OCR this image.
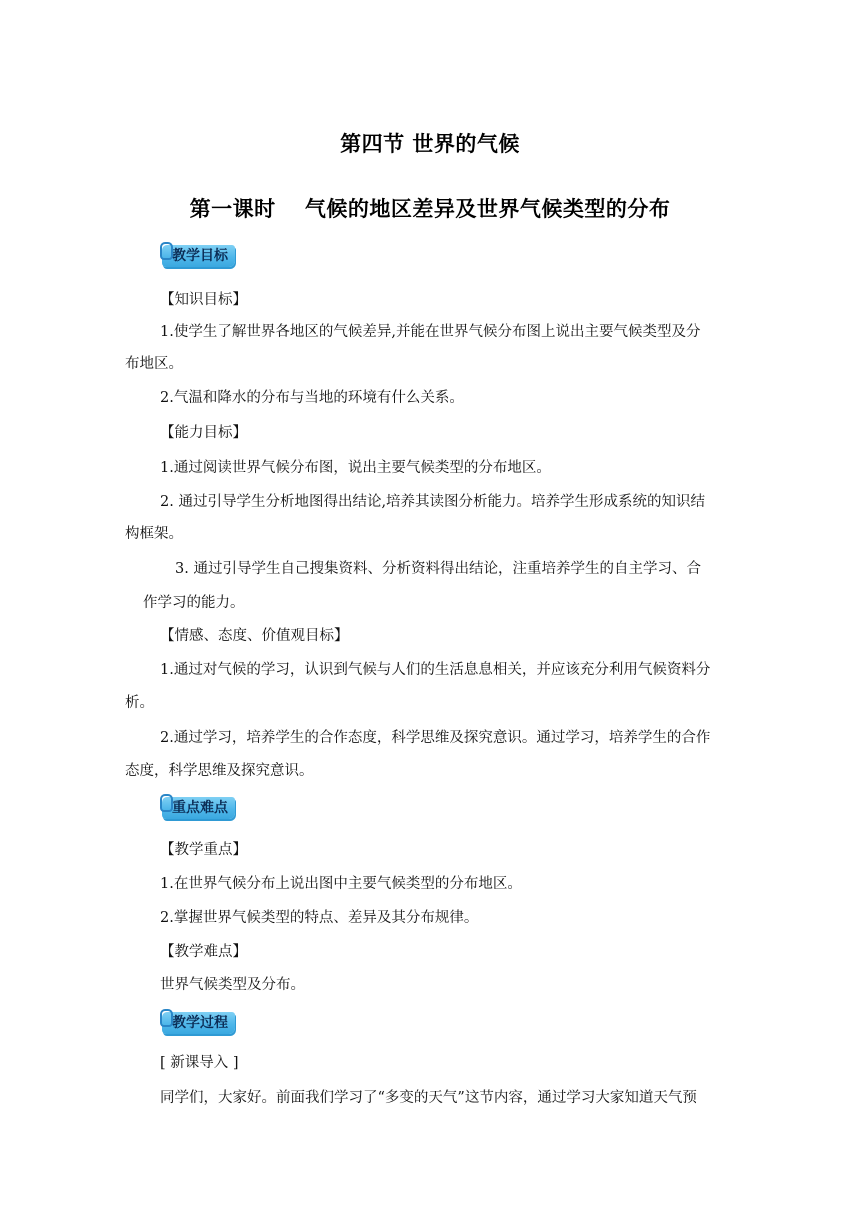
第四节 世界的气候
第一课时　 气候的地区差异及世界气候类型的分布
教学目标
【知识目标】
1.使学生了解世界各地区的气候差异,并能在世界气候分布图上说出主要气候类型及分
布地区。
2.气温和降水的分布与当地的环境有什么关系。
【能力目标】
1.通过阅读世界气候分布图，说出主要气候类型的分布地区。
2. 通过引导学生分析地图得出结论,培养其读图分析能力。培养学生形成系统的知识结
构框架。
3. 通过引导学生自己搜集资料、分析资料得出结论，注重培养学生的自主学习、合
作学习的能力。
【情感、态度、价值观目标】
1.通过对气候的学习，认识到气候与人们的生活息息相关，并应该充分利用气候资料分
析。
2.通过学习，培养学生的合作态度，科学思维及探究意识。通过学习，培养学生的合作
态度，科学思维及探究意识。
重点难点
【教学重点】
1.在世界气候分布上说出图中主要气候类型的分布地区。
2.掌握世界气候类型的特点、差异及其分布规律。
【教学难点】
世界气候类型及分布。
教学过程
[ 新课导入 ]
同学们，大家好。前面我们学习了“多变的天气”这节内容，通过学习大家知道天气预
